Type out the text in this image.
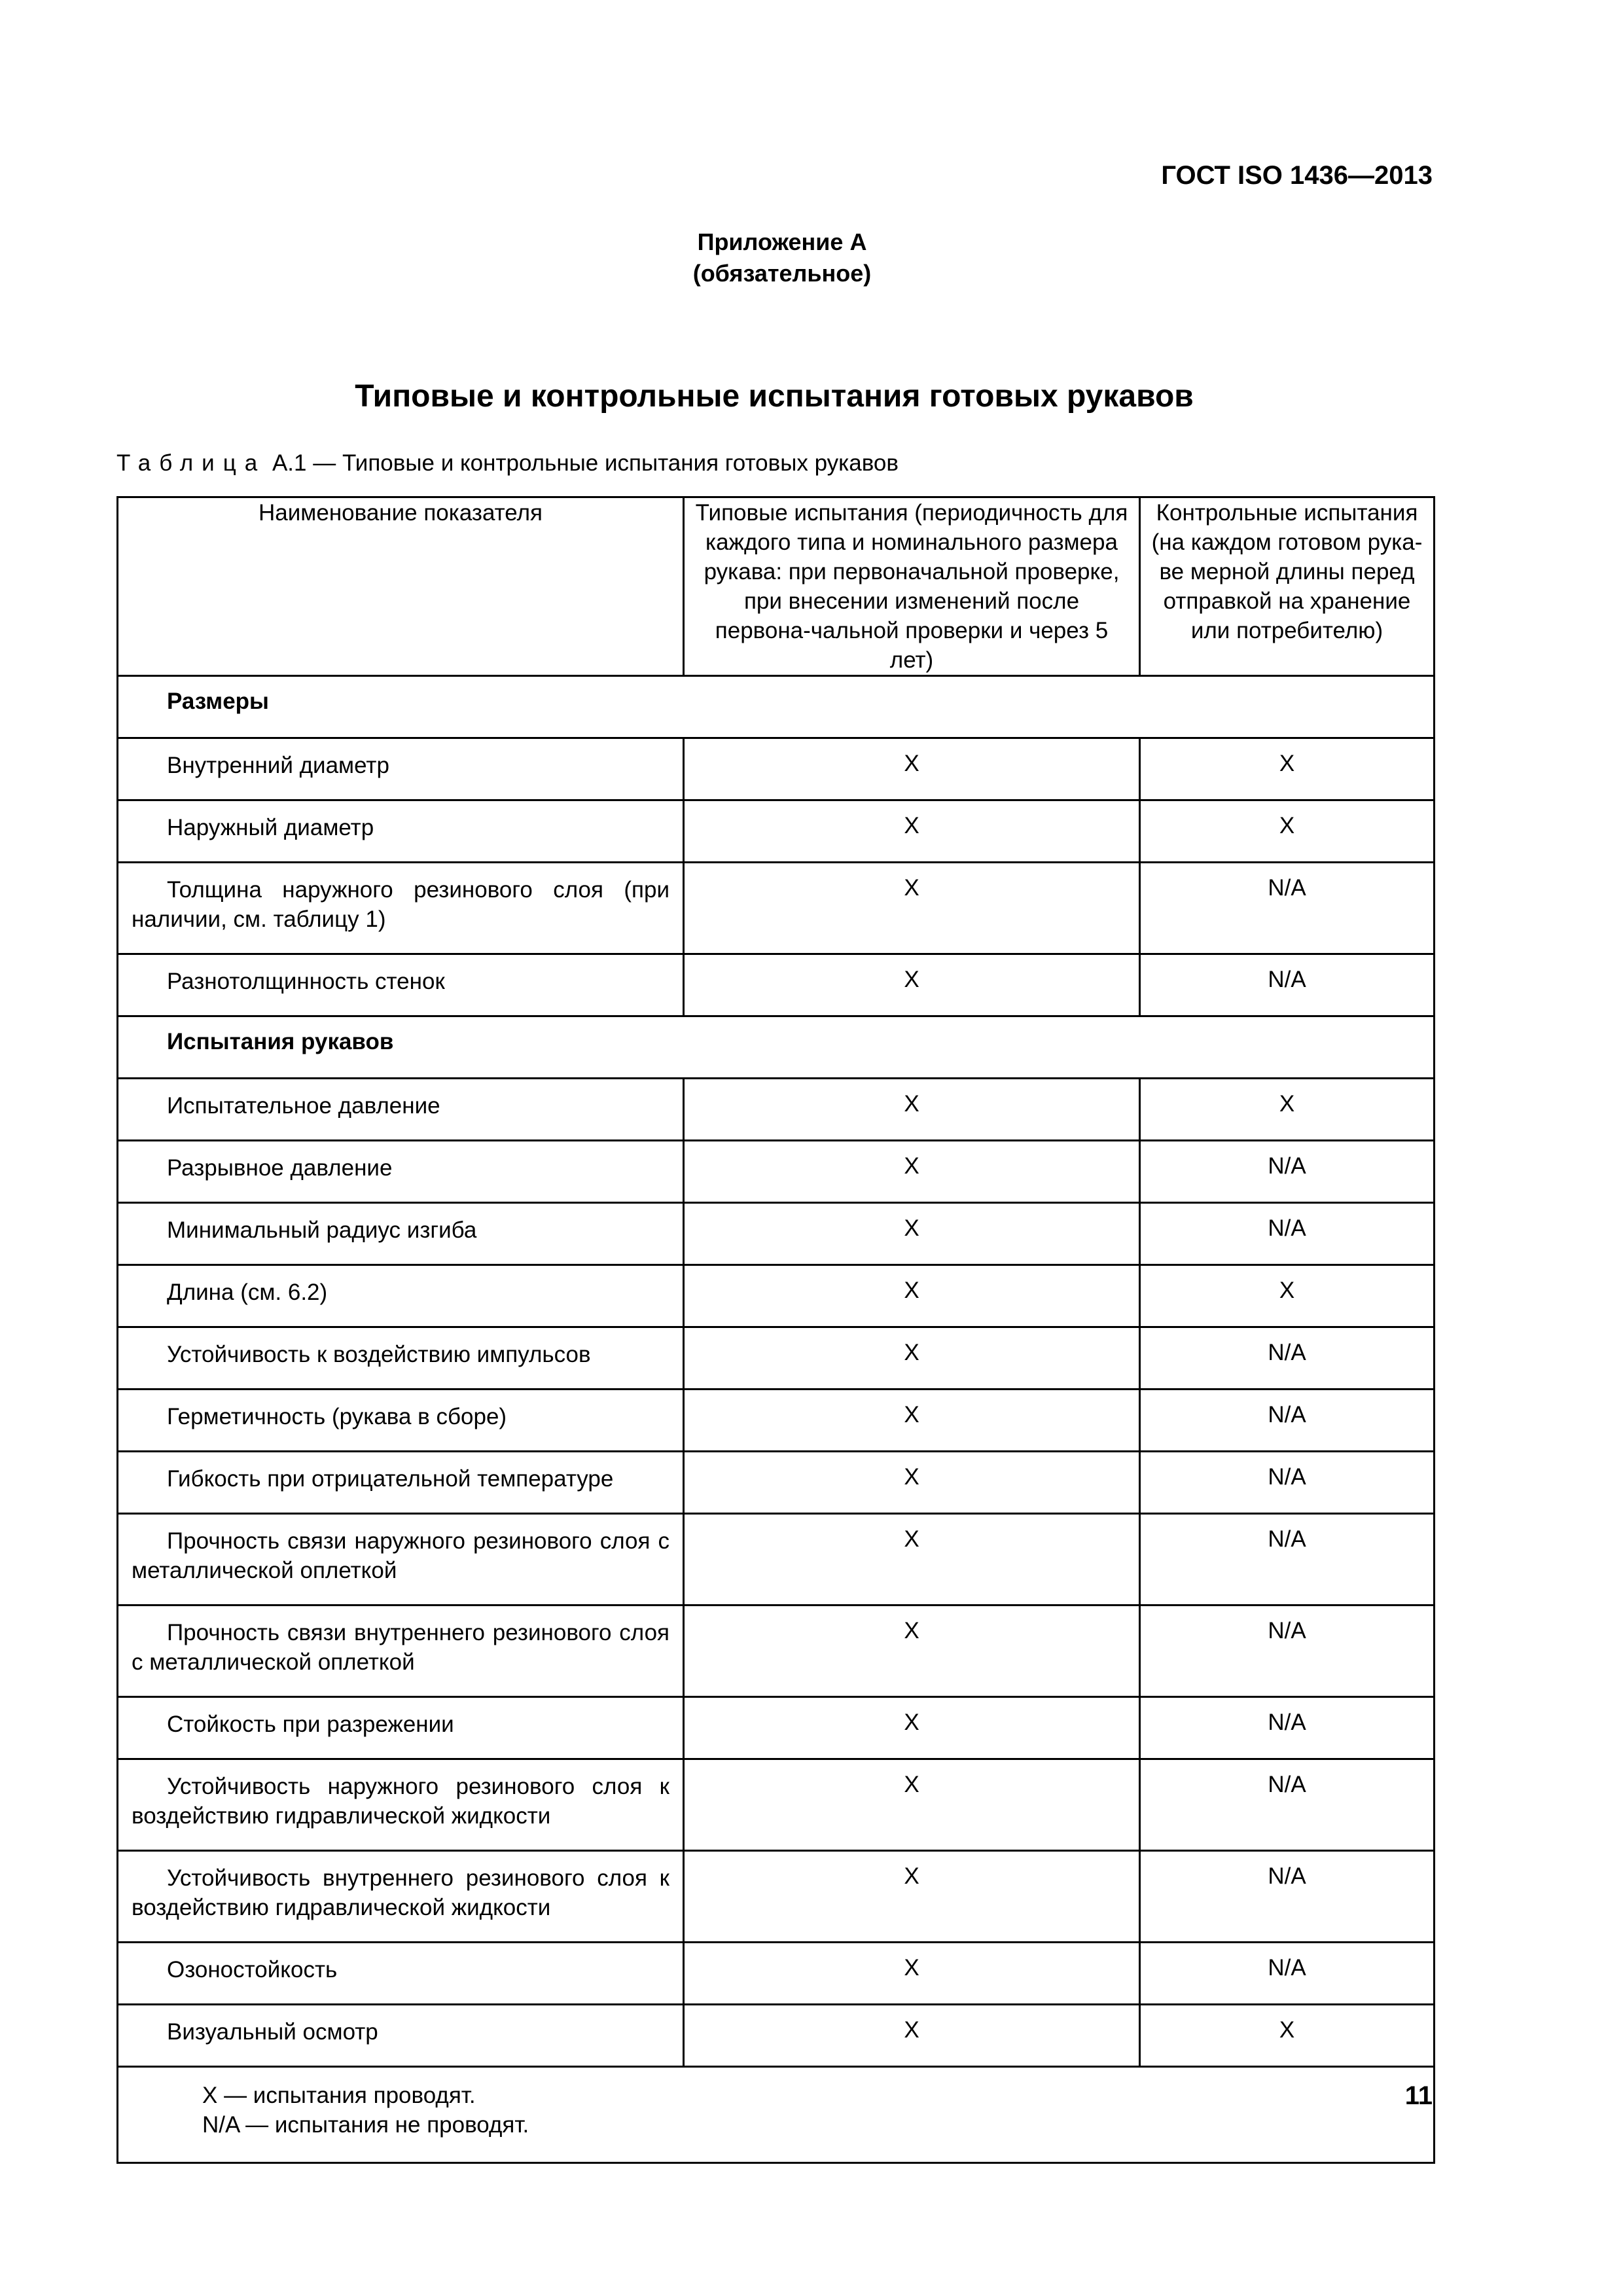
ГОСТ ISO 1436—2013
Приложение А
(обязательное)
Типовые и контрольные испытания готовых рукавов
Таблица А.1 — Типовые и контрольные испытания готовых рукавов
Наименование показателя	Типовые испытания (периодичность для каждого типа и номинального размера рукава: при первоначальной проверке, при внесении изменений после первона-чальной проверки и через 5 лет)	Контрольные испытания (на каждом готовом рука-ве мерной длины перед отправкой на хранение или потребителю)

Размеры		
Внутренний диаметр	X	X
Наружный диаметр	X	X
Толщина наружного резинового слоя (при наличии, см. таблицу 1)	X	N/A
Разнотолщинность стенок	X	N/A
Испытания рукавов		
Испытательное давление	X	X
Разрывное давление	X	N/A
Минимальный радиус изгиба	X	N/A
Длина (см. 6.2)	X	X
Устойчивость к воздействию импульсов	X	N/A
Герметичность (рукава в сборе)	X	N/A
Гибкость при отрицательной температуре	X	N/A
Прочность связи наружного резинового слоя с металлической оплеткой	X	N/A
Прочность связи внутреннего резинового слоя с металлической оплеткой	X	N/A
Стойкость при разрежении	X	N/A
Устойчивость наружного резинового слоя к воздействию гидравлической жидкости	X	N/A
Устойчивость внутреннего резинового слоя к воздействию гидравлической жидкости	X	N/A
Озоностойкость	X	N/A
Визуальный осмотр	X	X

X — испытания проводят.
N/A — испытания не проводят.		
11
